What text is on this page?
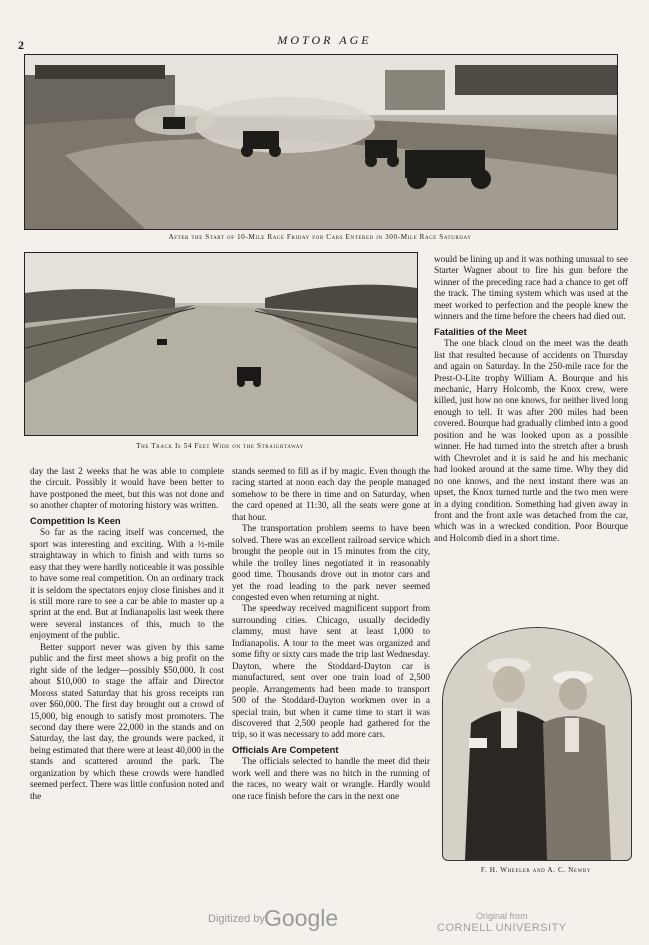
2	MOTOR AGE
After the Start of 10-Mile Race Friday for Cars Entered in 300-Mile Race Saturday
The Track Is 54 Feet Wide on the Straightaway

day the last 2 weeks that he was able to complete the circuit. Possibly it would have been better to have postponed the meet, but this was not done and so another chapter of motoring history was written.

Competition Is Keen

So far as the racing itself was concerned, the sport was interesting and exciting. With a ½-mile straightaway in which to finish and with turns so easy that they were hardly noticeable it was possible to have some real competition. On an ordinary track it is seldom the spectators enjoy close finishes and it is still more rare to see a car be able to master up a sprint at the end. But at Indianapolis last week there were several instances of this, much to the enjoyment of the public.

Better support never was given by this same public and the first meet shows a big profit on the right side of the ledger—possibly $50,000. It cost about $10,000 to stage the affair and Director Moross stated Saturday that his gross receipts ran over $60,000. The first day brought out a crowd of 15,000, big enough to satisfy most promoters. The second day there were 22,000 in the stands and on Saturday, the last day, the grounds were packed, it being estimated that there were at least 40,000 in the stands and scattered around the park. The organization by which these crowds were handled seemed perfect. There was little confusion noted and the

stands seemed to fill as if by magic. Even though the racing started at noon each day the people managed somehow to be there in time and on Saturday, when the card opened at 11:30, all the seats were gone at that hour.

The transportation problem seems to have been solved. There was an excellent railroad service which brought the people out in 15 minutes from the city, while the trolley lines negotiated it in reasonably good time. Thousands drove out in motor cars and yet the road leading to the park never seemed congested even when returning at night.

The speedway received magnificent support from surrounding cities. Chicago, usually decidedly clammy, must have sent at least 1,000 to Indianapolis. A tour to the meet was organized and some fifty or sixty cars made the trip last Wednesday. Dayton, where the Stoddard-Dayton car is manufactured, sent over one train load of 2,500 people. Arrangements had been made to transport 500 of the Stoddard-Dayton workmen over in a special train, but when it came time to start it was discovered that 2,500 people had gathered for the trip, so it was necessary to add more cars.

Officials Are Competent

The officials selected to handle the meet did their work well and there was no hitch in the running of the races, no weary wait or wrangle. Hardly would one race finish before the cars in the next one

would be lining up and it was nothing unusual to see Starter Wagner about to fire his gun before the winner of the preceding race had a chance to get off the track. The timing system which was used at the meet worked to perfection and the people knew the winners and the time before the cheers had died out.

Fatalities of the Meet

The one black cloud on the meet was the death list that resulted because of accidents on Thursday and again on Saturday. In the 250-mile race for the Prest-O-Lite trophy William A. Bourque and his mechanic, Harry Holcomb, the Knox crew, were killed, just how no one knows, for neither lived long enough to tell. It was after 200 miles had been covered. Bourque had gradually climbed into a good position and he was looked upon as a possible winner. He had turned into the stretch after a brush with Chevrolet and it is said he and his mechanic had looked around at the same time. Why they did no one knows, and the next instant there was an upset, the Knox turned turtle and the two men were in a dying condition. Something had given away in front and the front axle was detached from the car, which was in a wrecked condition. Poor Bourque and Holcomb died in a short time.

F. H. Wheeler and A. C. Newby
Digitized by Google	Original from
CORNELL UNIVERSITY
